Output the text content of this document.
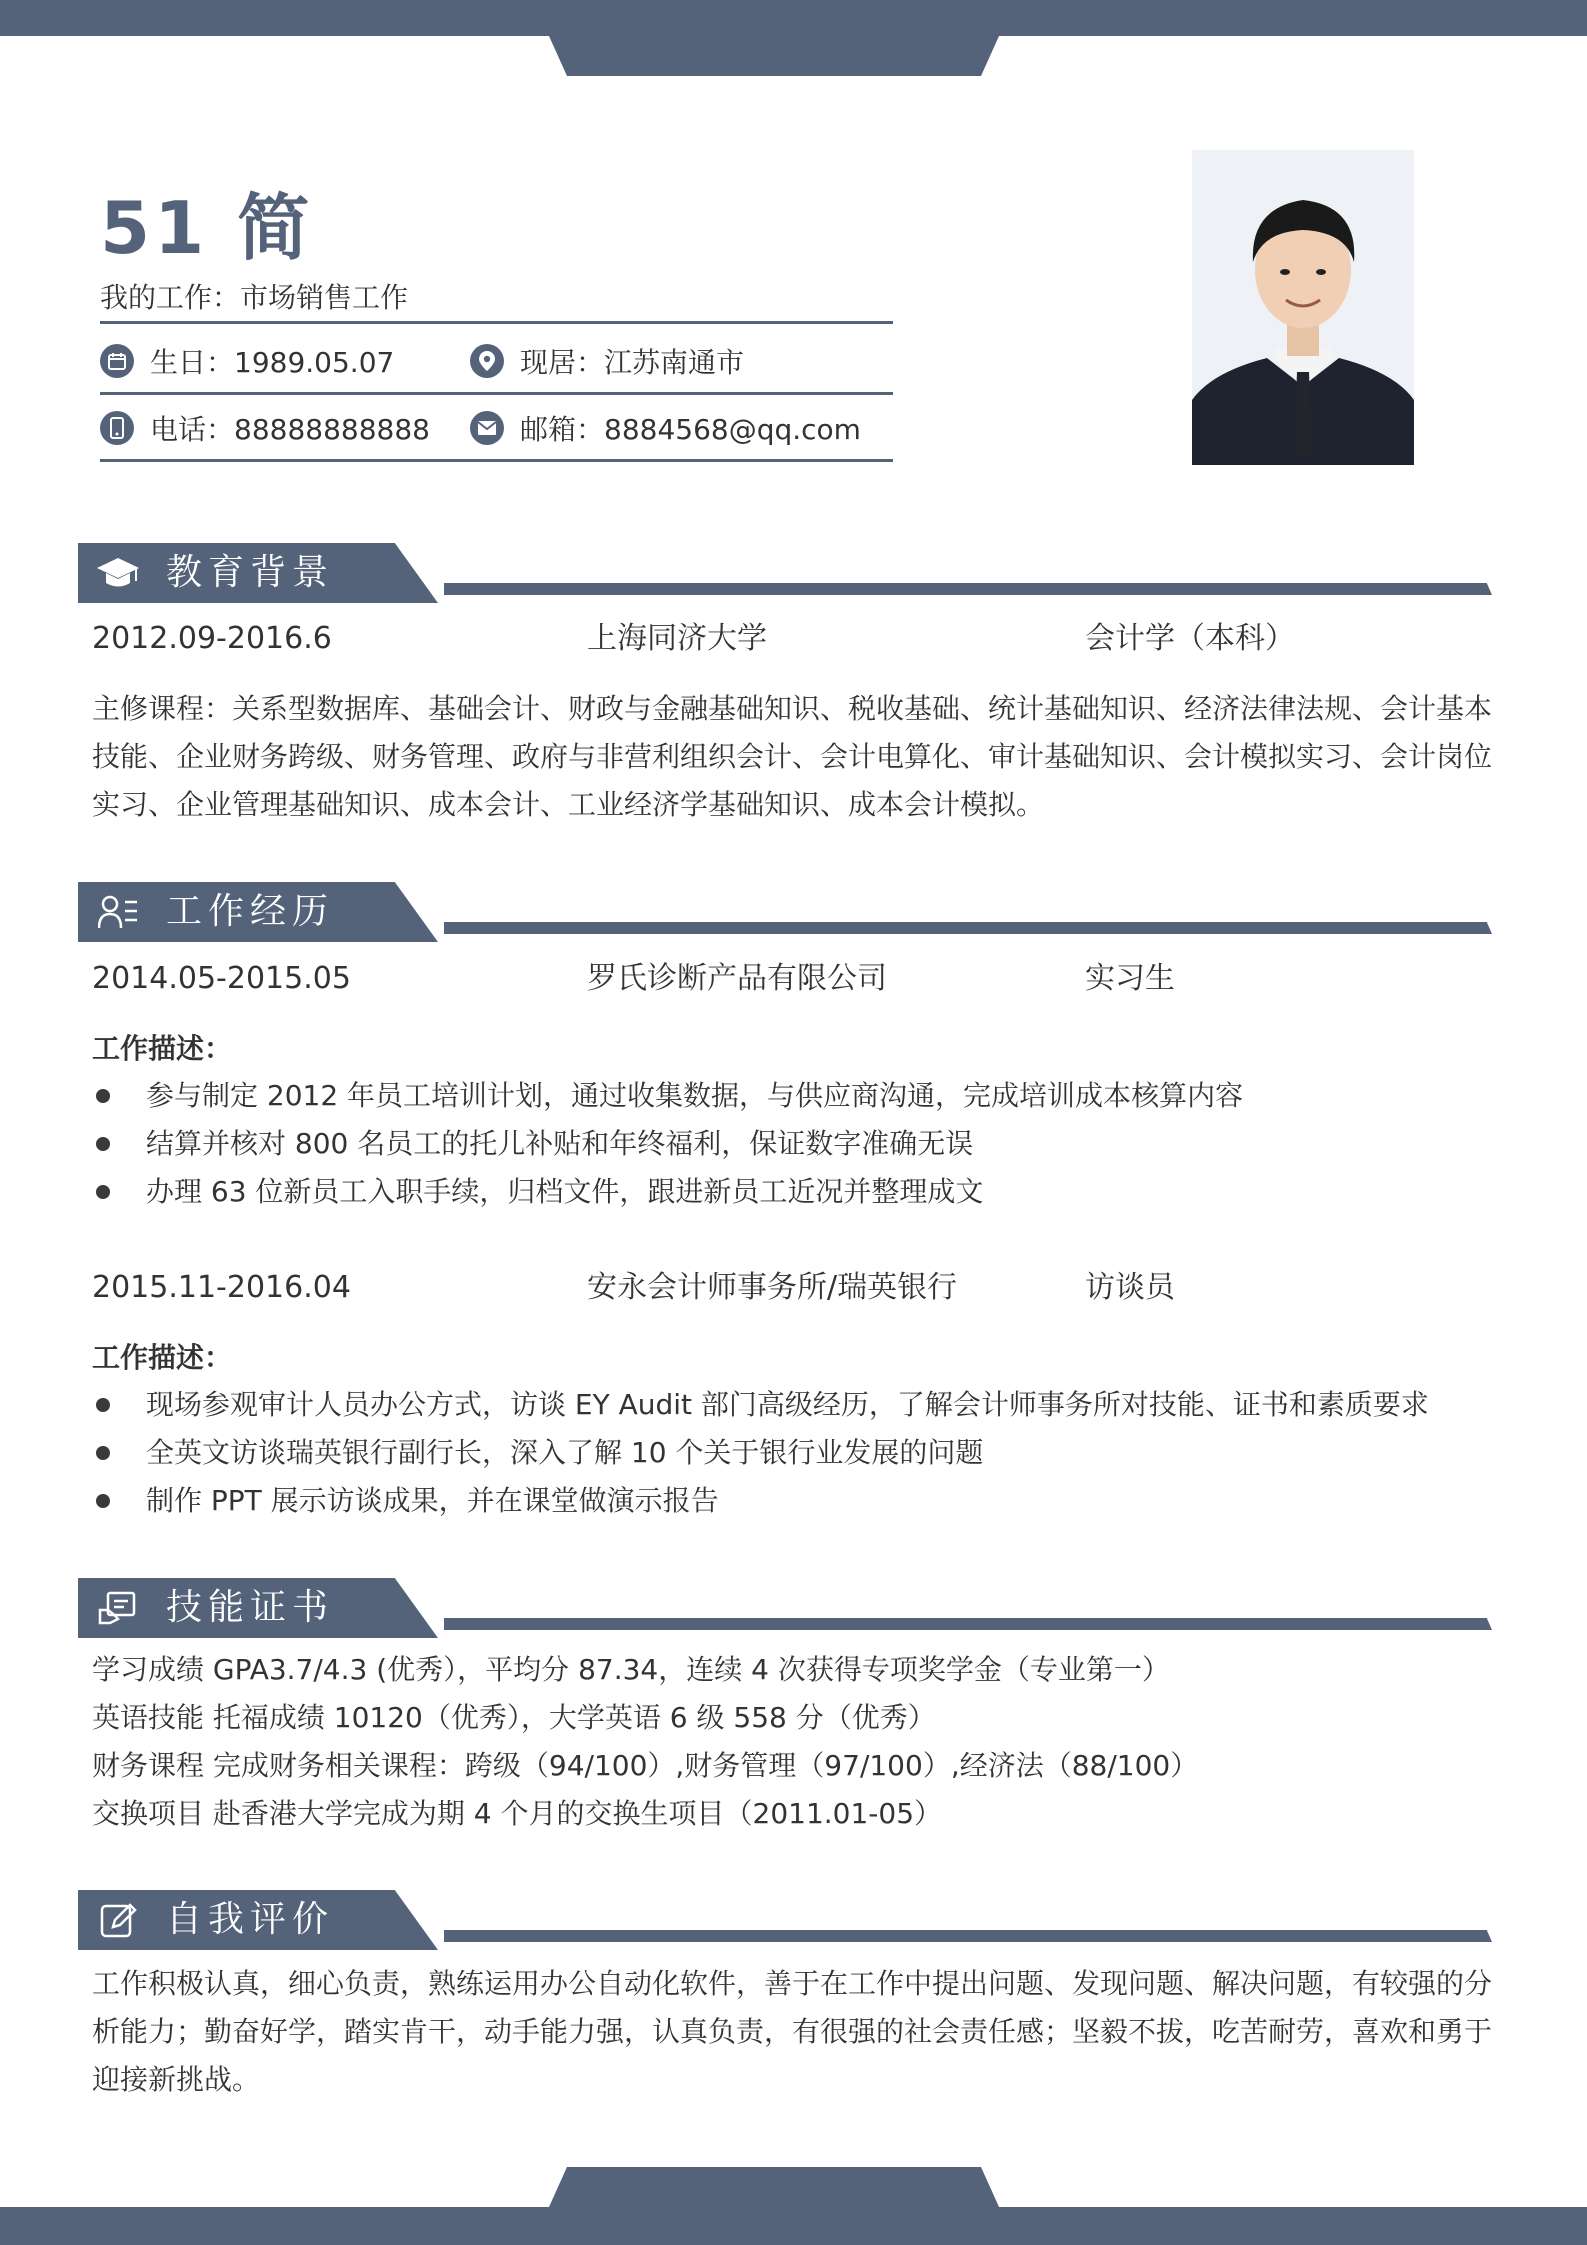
51 简
我的工作：市场销售工作
生日：1989.05.07	现居：江苏南通市
电话：88888888888	邮箱：8884568@qq.com
教育背景
2012.09-2016.6	上海同济大学	会计学（本科）
主修课程：关系型数据库、基础会计、财政与金融基础知识、税收基础、统计基础知识、经济法律法规、会计基本技能、企业财务跨级、财务管理、政府与非营利组织会计、会计电算化、审计基础知识、会计模拟实习、会计岗位实习、企业管理基础知识、成本会计、工业经济学基础知识、成本会计模拟。
工作经历
2014.05-2015.05	罗氏诊断产品有限公司	实习生
工作描述：
参与制定 2012 年员工培训计划，通过收集数据，与供应商沟通，完成培训成本核算内容
结算并核对 800 名员工的托儿补贴和年终福利，保证数字准确无误
办理 63 位新员工入职手续，归档文件，跟进新员工近况并整理成文
2015.11-2016.04	安永会计师事务所/瑞英银行	访谈员
工作描述：
现场参观审计人员办公方式，访谈 EY Audit 部门高级经历，了解会计师事务所对技能、证书和素质要求
全英文访谈瑞英银行副行长，深入了解 10 个关于银行业发展的问题
制作 PPT 展示访谈成果，并在课堂做演示报告
技能证书
学习成绩 GPA3.7/4.3 (优秀），平均分 87.34，连续 4 次获得专项奖学金（专业第一）
英语技能 托福成绩 10120（优秀），大学英语 6 级 558 分（优秀）
财务课程 完成财务相关课程：跨级（94/100）,财务管理（97/100）,经济法（88/100）
交换项目 赴香港大学完成为期 4 个月的交换生项目（2011.01-05）
自我评价
工作积极认真，细心负责，熟练运用办公自动化软件，善于在工作中提出问题、发现问题、解决问题，有较强的分析能力；勤奋好学，踏实肯干，动手能力强，认真负责，有很强的社会责任感；坚毅不拔，吃苦耐劳，喜欢和勇于迎接新挑战。
